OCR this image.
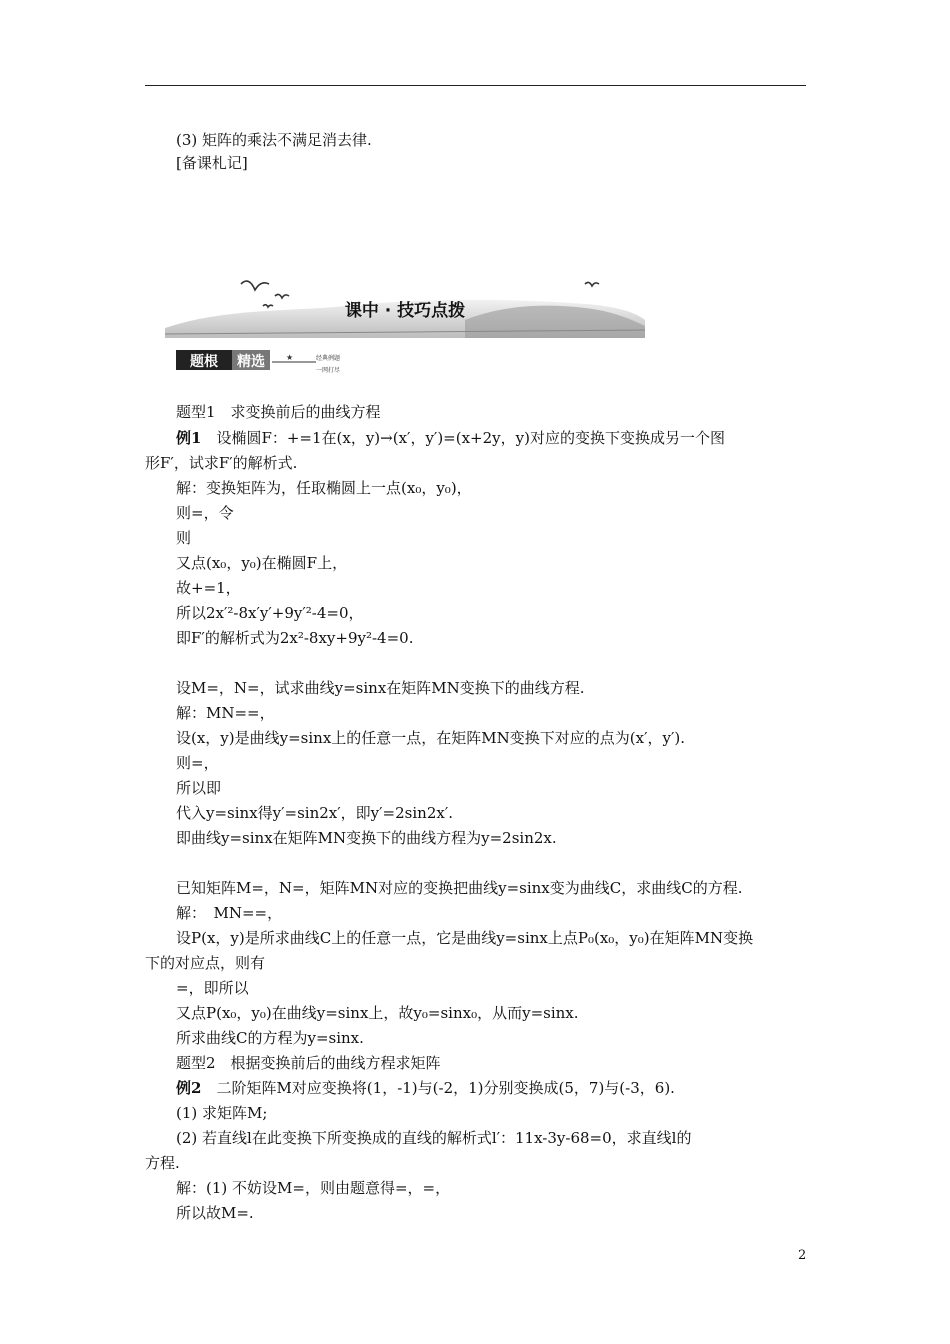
(3) 矩阵的乘法不满足消去律.
[备课札记]
课中 · 技巧点拨
题根 精选	★	经典例题
一网打尽
题型1　求变换前后的曲线方程
例1　设椭圆F：+=1在(x，y)→(x′，y′)=(x+2y，y)对应的变换下变换成另一个图
形F′，试求F′的解析式.
解：变换矩阵为，任取椭圆上一点(x₀，y₀)，
则=，令
则
又点(x₀，y₀)在椭圆F上，
故+=1，
所以2x′²-8x′y′+9y′²-4=0，
即F′的解析式为2x²-8xy+9y²-4=0.
设M=，N=，试求曲线y=sinx在矩阵MN变换下的曲线方程.
解：MN==，
设(x，y)是曲线y=sinx上的任意一点，在矩阵MN变换下对应的点为(x′，y′).
则=，
所以即
代入y=sinx得y′=sin2x′，即y′=2sin2x′.
即曲线y=sinx在矩阵MN变换下的曲线方程为y=2sin2x.
已知矩阵M=，N=，矩阵MN对应的变换把曲线y=sinx变为曲线C，求曲线C的方程.
解：　MN==，
设P(x，y)是所求曲线C上的任意一点，它是曲线y=sinx上点P₀(x₀，y₀)在矩阵MN变换
下的对应点，则有
=，即所以
又点P(x₀，y₀)在曲线y=sinx上，故y₀=sinx₀，从而y=sinx.
所求曲线C的方程为y=sinx.
题型2　根据变换前后的曲线方程求矩阵
例2　二阶矩阵M对应变换将(1，-1)与(-2，1)分别变换成(5，7)与(-3，6).
(1) 求矩阵M;
(2) 若直线l在此变换下所变换成的直线的解析式l′：11x-3y-68=0，求直线l的
方程.
解：(1) 不妨设M=，则由题意得=，=，
所以故M=.
2
